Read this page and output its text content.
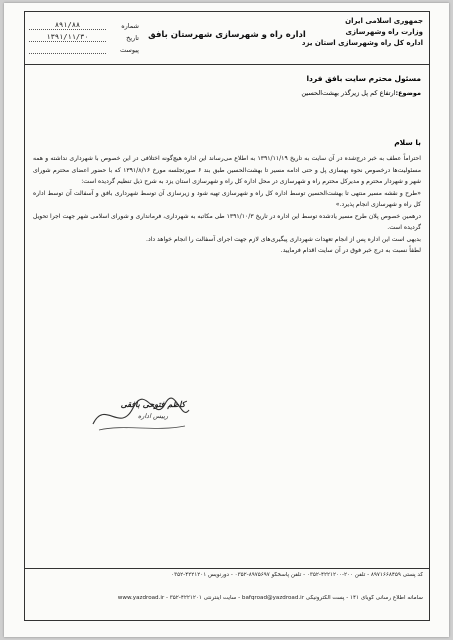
شماره
۸۹۱/۸۸
تاریخ
۱۳۹۱/۱۱/۳۰
پیوست
اداره راه و شهرسازی شهرستان بافق
جمهوری اسلامی ایران
وزارت راه وشهرسازی
اداره کل راه وشهرسازی استان یزد
مسئول محترم سایت بافق فردا
موضوع:ارتفاع کم پل زیرگذر بهشت‌الحسین
با سلام

احتراماً عطف به خبر درج‌شده در آن سایت به تاریخ ۱۳۹۱/۱۱/۱۹ به اطلاع می‌رساند این اداره هیچ‌گونه اختلافی در این خصوص با شهرداری نداشته و همه مسئولیت‌ها درخصوص نحوه بهسازی پل و حتی ادامه مسیر تا بهشت‌الحسین طبق بند ۶ صورتجلسه مورخ ۱۳۹۱/۸/۱۶ که با حضور اعضای محترم شورای شهر و شهردار محترم و مدیرکل محترم راه و شهرسازی در محل اداره کل راه و شهرسازی استان یزد به شرح ذیل تنظیم گردیده است:

«طرح و نقشه مسیر منتهی تا بهشت‌الحسین توسط اداره کل راه و شهرسازی تهیه شود و زیرسازی آن توسط شهرداری بافق و آسفالت آن توسط اداره کل راه و شهرسازی انجام پذیرد.»

درهمین خصوص پلان طرح مسیر یادشده توسط این اداره در تاریخ ۱۳۹۱/۱۰/۳ طی مکاتبه به شهرداری، فرمانداری و شورای اسلامی شهر جهت اجرا تحویل گردیده است.

بدیهی است این اداره پس از انجام تعهدات شهرداری پیگیری‌های لازم جهت اجرای آسفالت را انجام خواهد داد.

لطفاً نسبت به درج خبر فوق در آن سایت اقدام فرمایید.

کاظم فتوحی بافقی
رییس اداره
کد پستی ۸۹۷۱۶۶۸۴۵۹ - تلفن ۲۰۰-۴۲۲۱۲۰۰-۰۳۵۲ - تلفن پاسخگو ۸۹۷۵۶۹۷-۰۳۵۲ - دورنویس ۴۲۲۱۲۰۱-۰۳۵۲
سامانه اطلاع رسانی گویای ۱۴۱ - پست الکترونیکی bafqroad@yazdroad.ir - سایت اینترنتی www.yazdroad.ir - ۳۵۲-۴۲۲۱۲۰۱
